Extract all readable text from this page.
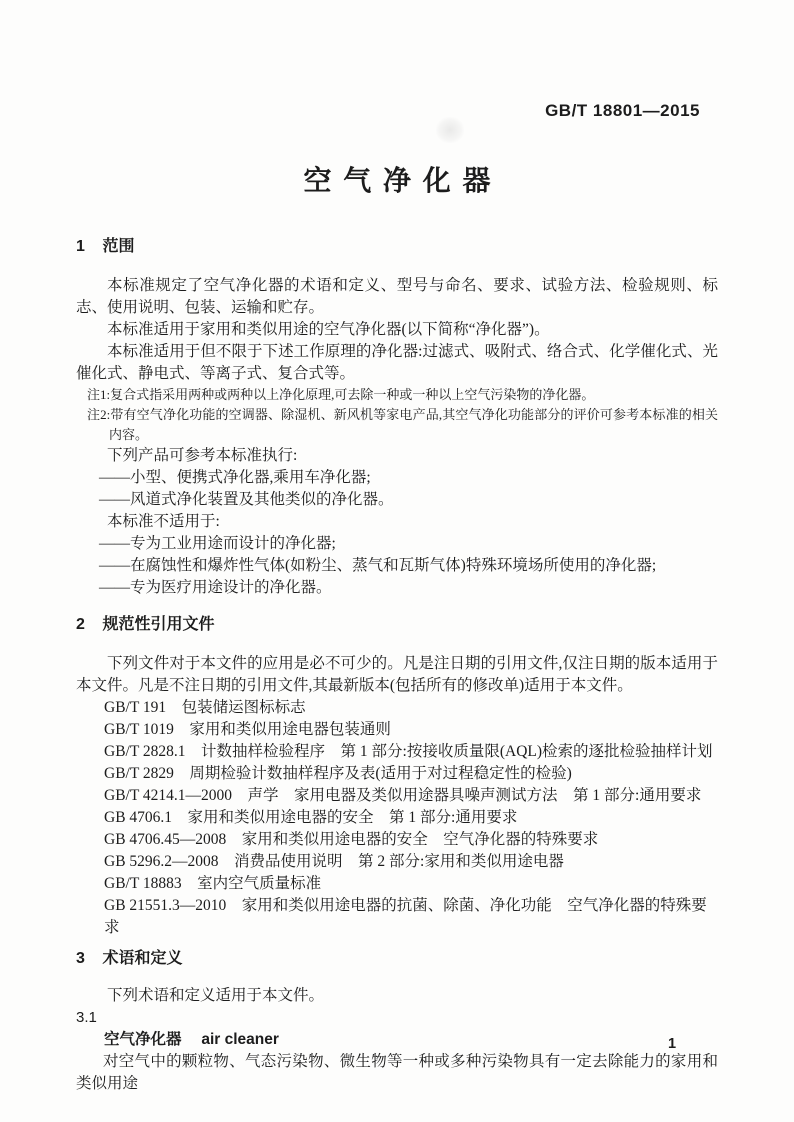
GB/T 18801—2015
空气净化器
1 范围

本标准规定了空气净化器的术语和定义、型号与命名、要求、试验方法、检验规则、标志、使用说明、包装、运输和贮存。

本标准适用于家用和类似用途的空气净化器(以下简称“净化器”)。

本标准适用于但不限于下述工作原理的净化器:过滤式、吸附式、络合式、化学催化式、光催化式、静电式、等离子式、复合式等。

注1:复合式指采用两种或两种以上净化原理,可去除一种或一种以上空气污染物的净化器。

注2:带有空气净化功能的空调器、除湿机、新风机等家电产品,其空气净化功能部分的评价可参考本标准的相关内容。

下列产品可参考本标准执行:

——小型、便携式净化器,乘用车净化器;

——风道式净化装置及其他类似的净化器。

本标准不适用于:

——专为工业用途而设计的净化器;

——在腐蚀性和爆炸性气体(如粉尘、蒸气和瓦斯气体)特殊环境场所使用的净化器;

——专为医疗用途设计的净化器。

2 规范性引用文件

下列文件对于本文件的应用是必不可少的。凡是注日期的引用文件,仅注日期的版本适用于本文件。凡是不注日期的引用文件,其最新版本(包括所有的修改单)适用于本文件。

GB/T 191　包装储运图标标志

GB/T 1019　家用和类似用途电器包装通则

GB/T 2828.1　计数抽样检验程序　第 1 部分:按接收质量限(AQL)检索的逐批检验抽样计划

GB/T 2829　周期检验计数抽样程序及表(适用于对过程稳定性的检验)

GB/T 4214.1—2000　声学　家用电器及类似用途器具噪声测试方法　第 1 部分:通用要求

GB 4706.1　家用和类似用途电器的安全　第 1 部分:通用要求

GB 4706.45—2008　家用和类似用途电器的安全　空气净化器的特殊要求

GB 5296.2—2008　消费品使用说明　第 2 部分:家用和类似用途电器

GB/T 18883　室内空气质量标准

GB 21551.3—2010　家用和类似用途电器的抗菌、除菌、净化功能　空气净化器的特殊要求

3 术语和定义

下列术语和定义适用于本文件。

3.1
空气净化器 air cleaner

对空气中的颗粒物、气态污染物、微生物等一种或多种污染物具有一定去除能力的家用和类似用途

1
